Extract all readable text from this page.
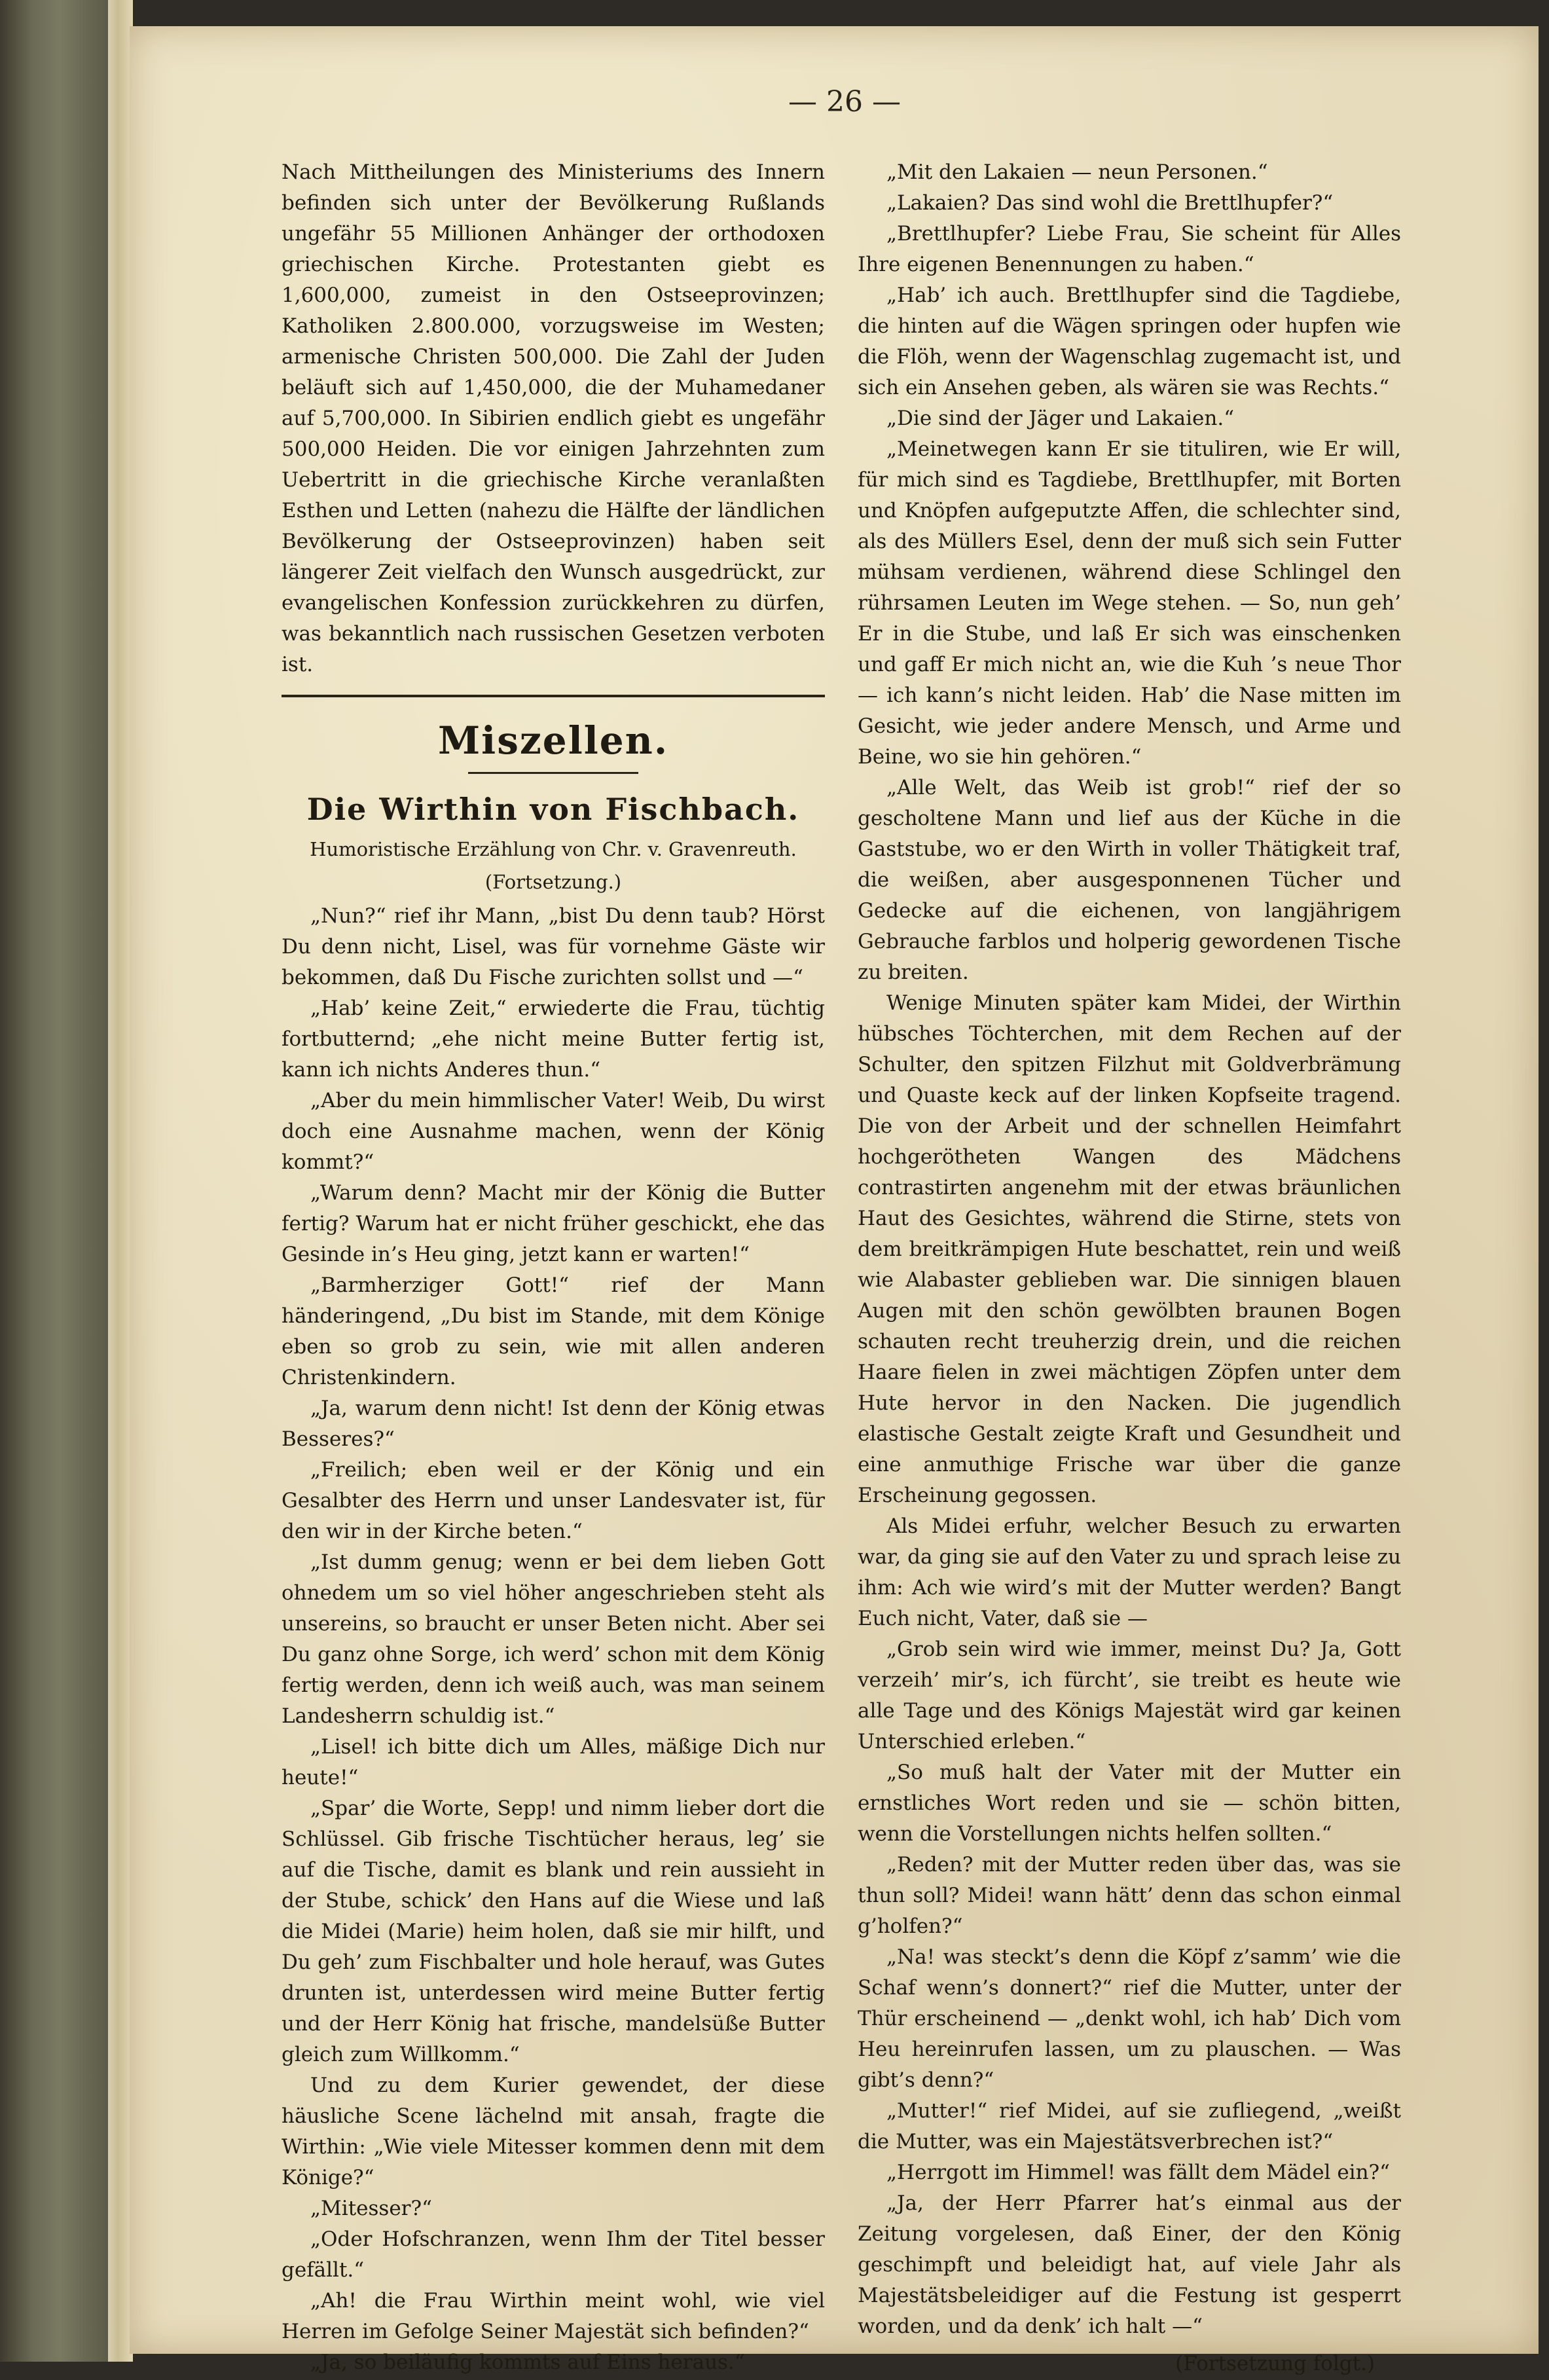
— 26 —

Nach Mittheilungen des Ministeriums des Innern befinden sich unter der Bevölkerung Rußlands ungefähr 55 Millionen Anhänger der orthodoxen griechischen Kirche. Protestanten giebt es 1,600,000, zumeist in den Ostseeprovinzen; Katholiken 2.800.000, vorzugsweise im Westen; armenische Christen 500,000. Die Zahl der Juden beläuft sich auf 1,450,000, die der Muhamedaner auf 5,700,000. In Sibirien endlich giebt es ungefähr 500,000 Heiden. Die vor einigen Jahrzehnten zum Uebertritt in die griechische Kirche veranlaßten Esthen und Letten (nahezu die Hälfte der ländlichen Bevölkerung der Ostseeprovinzen) haben seit längerer Zeit vielfach den Wunsch ausgedrückt, zur evangelischen Konfession zurückkehren zu dürfen, was bekanntlich nach russischen Gesetzen verboten ist.

Miszellen.
Die Wirthin von Fischbach.
Humoristische Erzählung von Chr. v. Gravenreuth.
(Fortsetzung.)

„Nun?“ rief ihr Mann, „bist Du denn taub? Hörst Du denn nicht, Lisel, was für vornehme Gäste wir bekommen, daß Du Fische zurichten sollst und —“

„Hab’ keine Zeit,“ erwiederte die Frau, tüchtig fortbutternd; „ehe nicht meine Butter fertig ist, kann ich nichts Anderes thun.“

„Aber du mein himmlischer Vater! Weib, Du wirst doch eine Ausnahme machen, wenn der König kommt?“

„Warum denn? Macht mir der König die Butter fertig? Warum hat er nicht früher geschickt, ehe das Gesinde in’s Heu ging, jetzt kann er warten!“

„Barmherziger Gott!“ rief der Mann händeringend, „Du bist im Stande, mit dem Könige eben so grob zu sein, wie mit allen anderen Christenkindern.

„Ja, warum denn nicht! Ist denn der König etwas Besseres?“

„Freilich; eben weil er der König und ein Gesalbter des Herrn und unser Landesvater ist, für den wir in der Kirche beten.“

„Ist dumm genug; wenn er bei dem lieben Gott ohnedem um so viel höher angeschrieben steht als unsereins, so braucht er unser Beten nicht. Aber sei Du ganz ohne Sorge, ich werd’ schon mit dem König fertig werden, denn ich weiß auch, was man seinem Landesherrn schuldig ist.“

„Lisel! ich bitte dich um Alles, mäßige Dich nur heute!“

„Spar’ die Worte, Sepp! und nimm lieber dort die Schlüssel. Gib frische Tischtücher heraus, leg’ sie auf die Tische, damit es blank und rein aussieht in der Stube, schick’ den Hans auf die Wiese und laß die Midei (Marie) heim holen, daß sie mir hilft, und Du geh’ zum Fischbalter und hole herauf, was Gutes drunten ist, unterdessen wird meine Butter fertig und der Herr König hat frische, mandelsüße Butter gleich zum Willkomm.“

Und zu dem Kurier gewendet, der diese häusliche Scene lächelnd mit ansah, fragte die Wirthin: „Wie viele Mitesser kommen denn mit dem Könige?“

„Mitesser?“

„Oder Hofschranzen, wenn Ihm der Titel besser gefällt.“

„Ah! die Frau Wirthin meint wohl, wie viel Herren im Gefolge Seiner Majestät sich befinden?“

„Ja, so beiläufig kommts auf Eins heraus.“

„Mit den Lakaien — neun Personen.“

„Lakaien? Das sind wohl die Brettlhupfer?“

„Brettlhupfer? Liebe Frau, Sie scheint für Alles Ihre eigenen Benennungen zu haben.“

„Hab’ ich auch. Brettlhupfer sind die Tagdiebe, die hinten auf die Wägen springen oder hupfen wie die Flöh, wenn der Wagenschlag zugemacht ist, und sich ein Ansehen geben, als wären sie was Rechts.“

„Die sind der Jäger und Lakaien.“

„Meinetwegen kann Er sie tituliren, wie Er will, für mich sind es Tagdiebe, Brettlhupfer, mit Borten und Knöpfen aufgeputzte Affen, die schlechter sind, als des Müllers Esel, denn der muß sich sein Futter mühsam verdienen, während diese Schlingel den rührsamen Leuten im Wege stehen. — So, nun geh’ Er in die Stube, und laß Er sich was einschenken und gaff Er mich nicht an, wie die Kuh ’s neue Thor — ich kann’s nicht leiden. Hab’ die Nase mitten im Gesicht, wie jeder andere Mensch, und Arme und Beine, wo sie hin gehören.“

„Alle Welt, das Weib ist grob!“ rief der so gescholtene Mann und lief aus der Küche in die Gaststube, wo er den Wirth in voller Thätigkeit traf, die weißen, aber ausgesponnenen Tücher und Gedecke auf die eichenen, von langjährigem Gebrauche farblos und holperig gewordenen Tische zu breiten.

Wenige Minuten später kam Midei, der Wirthin hübsches Töchterchen, mit dem Rechen auf der Schulter, den spitzen Filzhut mit Goldverbrämung und Quaste keck auf der linken Kopfseite tragend. Die von der Arbeit und der schnellen Heimfahrt hochgerötheten Wangen des Mädchens contrastirten angenehm mit der etwas bräunlichen Haut des Gesichtes, während die Stirne, stets von dem breitkrämpigen Hute beschattet, rein und weiß wie Alabaster geblieben war. Die sinnigen blauen Augen mit den schön gewölbten braunen Bogen schauten recht treuherzig drein, und die reichen Haare fielen in zwei mächtigen Zöpfen unter dem Hute hervor in den Nacken. Die jugendlich elastische Gestalt zeigte Kraft und Gesundheit und eine anmuthige Frische war über die ganze Erscheinung gegossen.

Als Midei erfuhr, welcher Besuch zu erwarten war, da ging sie auf den Vater zu und sprach leise zu ihm: Ach wie wird’s mit der Mutter werden? Bangt Euch nicht, Vater, daß sie —

„Grob sein wird wie immer, meinst Du? Ja, Gott verzeih’ mir’s, ich fürcht’, sie treibt es heute wie alle Tage und des Königs Majestät wird gar keinen Unterschied erleben.“

„So muß halt der Vater mit der Mutter ein ernstliches Wort reden und sie — schön bitten, wenn die Vorstellungen nichts helfen sollten.“

„Reden? mit der Mutter reden über das, was sie thun soll? Midei! wann hätt’ denn das schon einmal g’holfen?“

„Na! was steckt’s denn die Köpf z’samm’ wie die Schaf wenn’s donnert?“ rief die Mutter, unter der Thür erscheinend — „denkt wohl, ich hab’ Dich vom Heu hereinrufen lassen, um zu plauschen. — Was gibt’s denn?“

„Mutter!“ rief Midei, auf sie zufliegend, „weißt die Mutter, was ein Majestätsverbrechen ist?“

„Herrgott im Himmel! was fällt dem Mädel ein?“

„Ja, der Herr Pfarrer hat’s einmal aus der Zeitung vorgelesen, daß Einer, der den König geschimpft und beleidigt hat, auf viele Jahr als Majestätsbeleidiger auf die Festung ist gesperrt worden, und da denk’ ich halt —“

(Fortsetzung folgt.)
